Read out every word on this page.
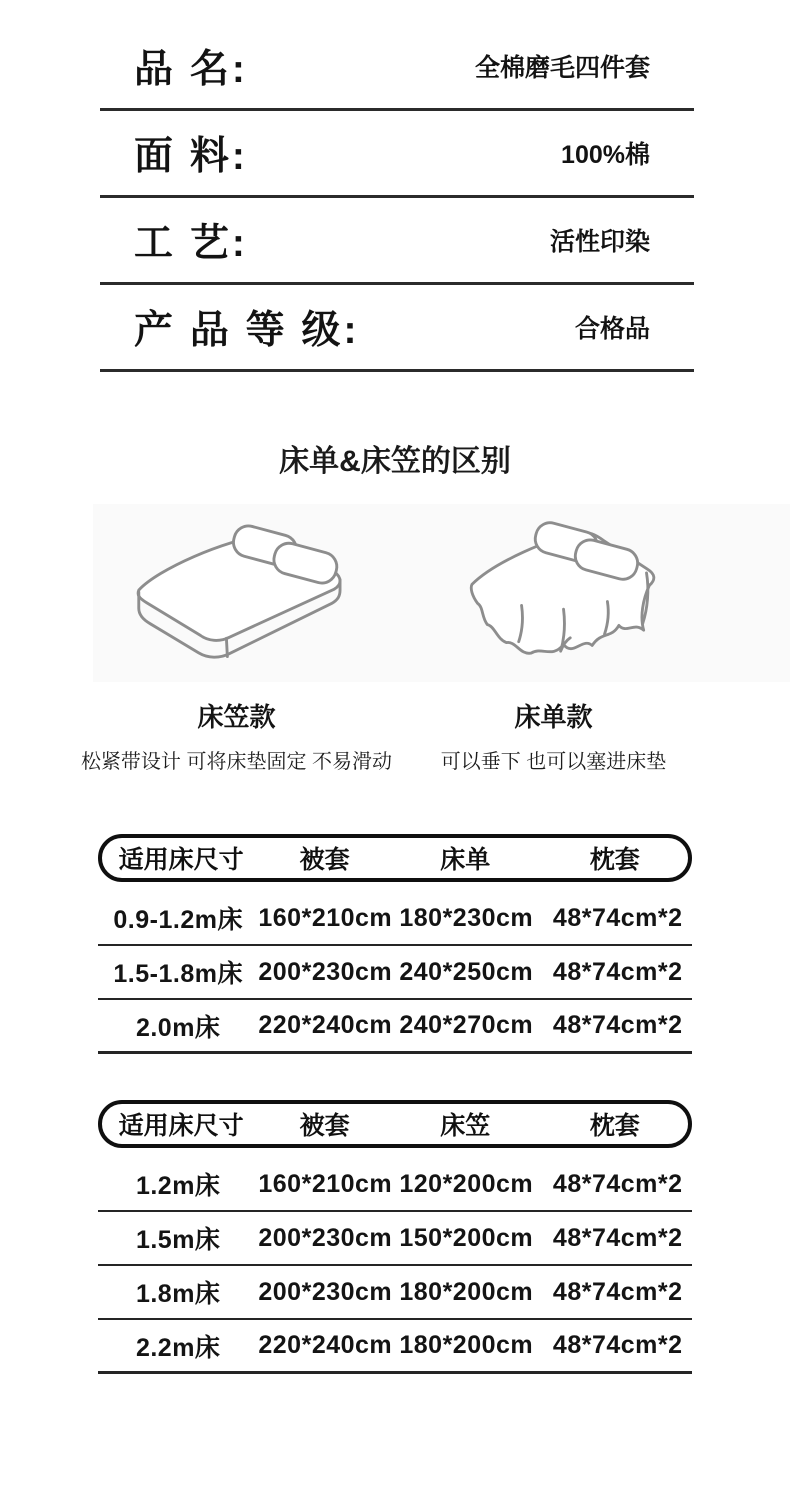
品 名:	全棉磨毛四件套
面 料:	100%棉
工 艺:	活性印染
产 品 等 级:	合格品
床单&床笠的区别
床笠款
松紧带设计 可将床垫固定 不易滑动
床单款
可以垂下 也可以塞进床垫
适用床尺寸	被套	床单	枕套
0.9-1.2m床 160*210cm 180*230cm 48*74cm*2
1.5-1.8m床 200*230cm 240*250cm 48*74cm*2
2.0m床	220*240cm 240*270cm 48*74cm*2
适用床尺寸	被套	床笠	枕套
1.2m床	160*210cm 120*200cm 48*74cm*2
1.5m床	200*230cm 150*200cm 48*74cm*2
1.8m床	200*230cm 180*200cm 48*74cm*2
2.2m床	220*240cm 180*200cm 48*74cm*2
